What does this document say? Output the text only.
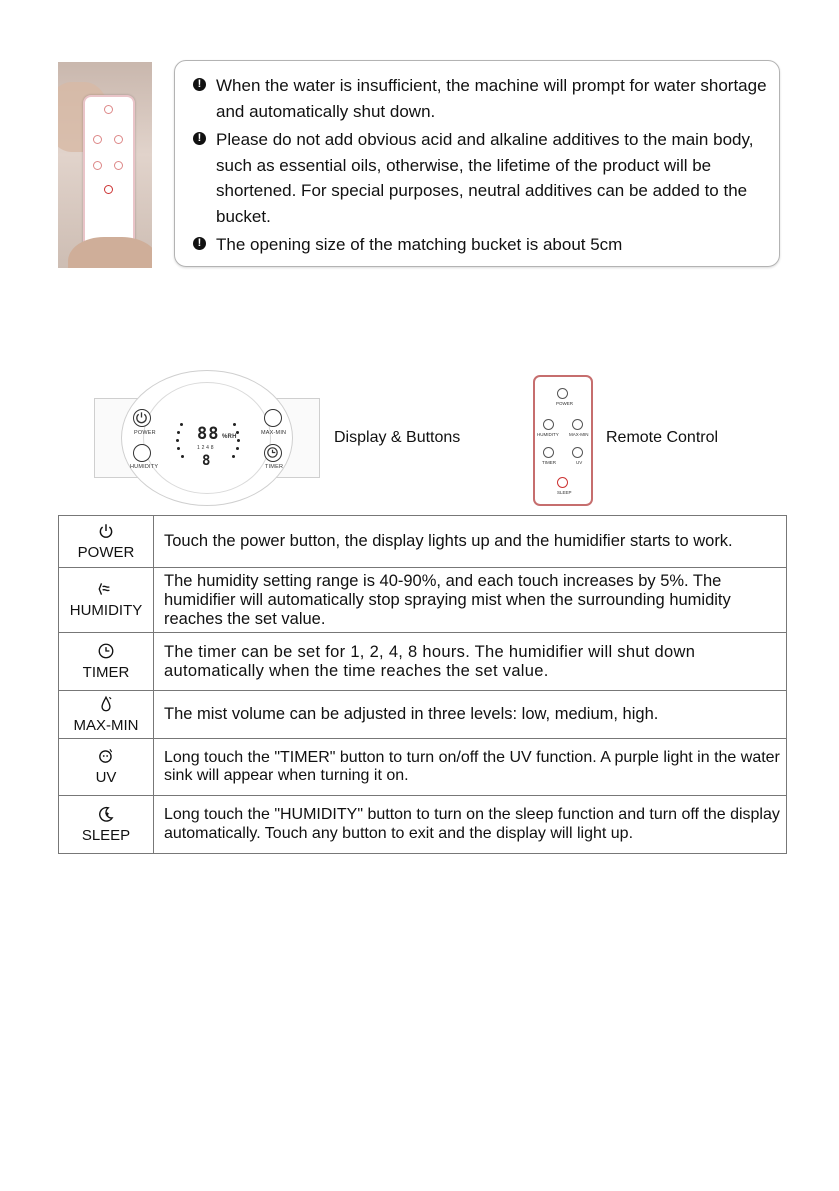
! When the water is insufficient, the machine will prompt for water shortage and automatically shut down.
! Please do not add obvious acid and alkaline additives to the main body, such as essential oils, otherwise, the lifetime of the product will be shortened. For special purposes, neutral additives can be added to the bucket.
! The opening size of the matching bucket is about 5cm
POWER
HUMIDITY
MAX-MIN
TIMER
88 %RH
1 2 4 8
8
Display & Buttons
POWER
HUMIDITY MAX-MIN
TIMER	UV
SLEEP
Remote Control
POWER	Touch the power button, the display lights up and the humidifier starts to work.

HUMIDITY	The humidity setting range is 40-90%, and each touch increases by 5%. The humidifier will automatically stop spraying mist when the surrounding humidity reaches the set value.

TIMER	The timer can be set for 1, 2, 4, 8 hours. The humidifier will shut down automatically when the time reaches the set value.

MAX-MIN	The mist volume can be adjusted in three levels: low, medium, high.

UV	Long touch the "TIMER" button to turn on/off the UV function. A purple light in the water sink will appear when turning it on.

SLEEP	Long touch the "HUMIDITY" button to turn on the sleep function and turn off the display automatically. Touch any button to exit and the display will light up.
